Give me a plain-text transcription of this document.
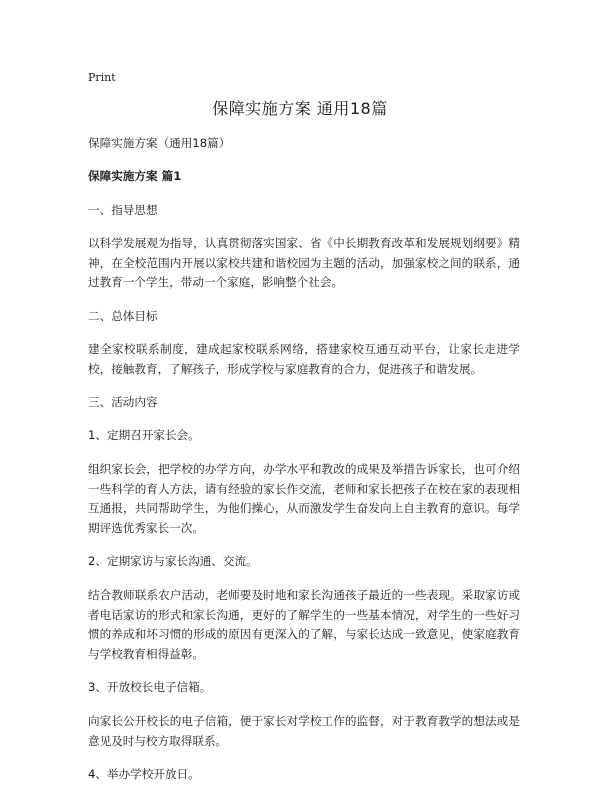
Print
保障实施方案 通用18篇

保障实施方案（通用18篇）

保障实施方案 篇1

一、指导思想

以科学发展观为指导，认真贯彻落实国家、省《中长期教育改革和发展规划纲要》精神，在全校范围内开展以家校共建和谐校园为主题的活动，加强家校之间的联系，通过教育一个学生，带动一个家庭，影响整个社会。

二、总体目标

建全家校联系制度，建成起家校联系网络，搭建家校互通互动平台，让家长走进学校，接触教育，了解孩子，形成学校与家庭教育的合力，促进孩子和谐发展。

三、活动内容

1、定期召开家长会。

组织家长会，把学校的办学方向，办学水平和教改的成果及举措告诉家长，也可介绍一些科学的育人方法，请有经验的家长作交流，老师和家长把孩子在校在家的表现相互通报，共同帮助学生，为他们操心，从而激发学生奋发向上自主教育的意识。每学期评选优秀家长一次。

2、定期家访与家长沟通、交流。

结合教师联系农户活动，老师要及时地和家长沟通孩子最近的一些表现。采取家访或者电话家访的形式和家长沟通，更好的了解学生的一些基本情况，对学生的一些好习惯的养成和坏习惯的形成的原因有更深入的了解，与家长达成一致意见，使家庭教育与学校教育相得益彰。

3、开放校长电子信箱。

向家长公开校长的电子信箱，便于家长对学校工作的监督，对于教育教学的想法或是意见及时与校方取得联系。

4、举办学校开放日。
